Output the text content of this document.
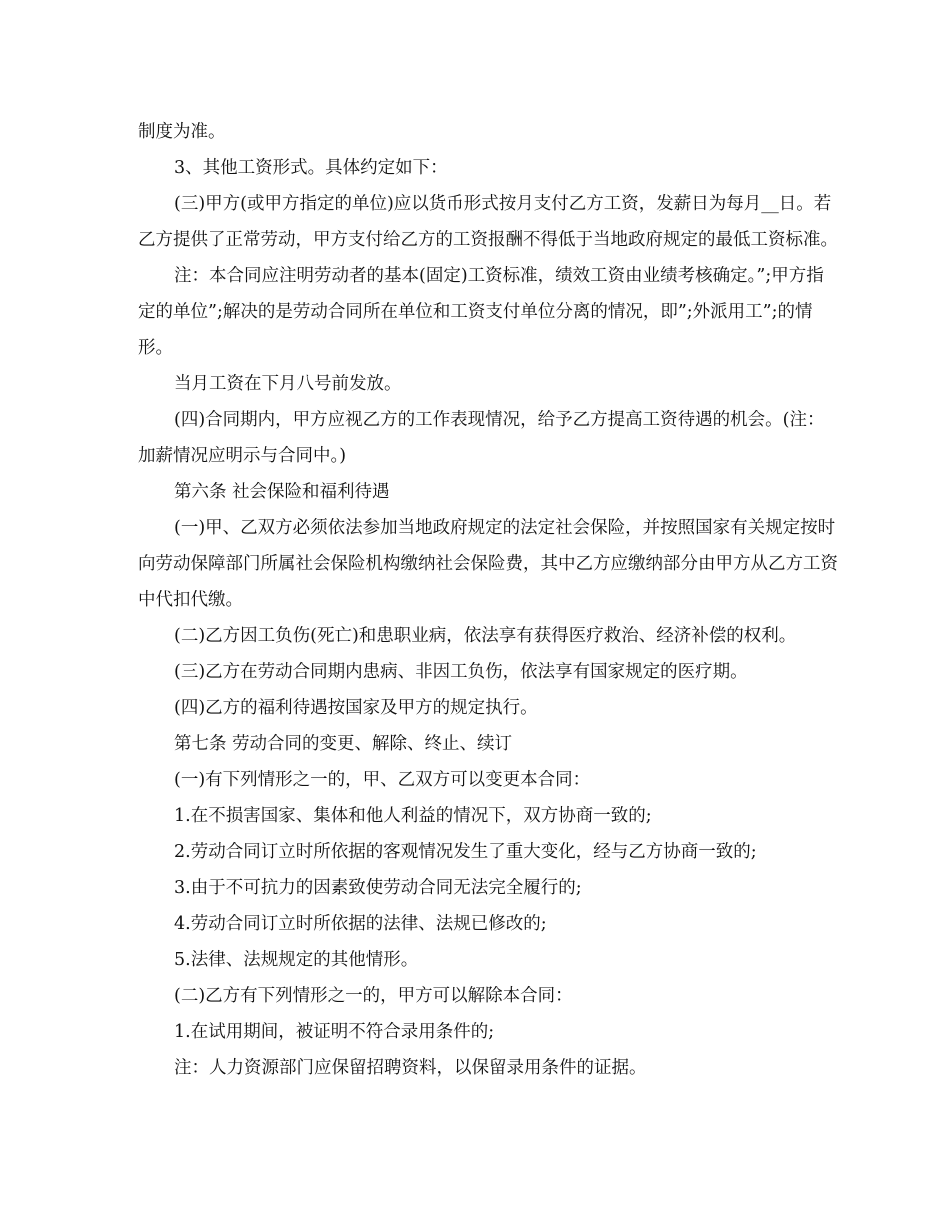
制度为准。

3、其他工资形式。具体约定如下：

(三)甲方(或甲方指定的单位)应以货币形式按月支付乙方工资，发薪日为每月__日。若乙方提供了正常劳动，甲方支付给乙方的工资报酬不得低于当地政府规定的最低工资标准。

注：本合同应注明劳动者的基本(固定)工资标准，绩效工资由业绩考核确定。”;甲方指定的单位”;解决的是劳动合同所在单位和工资支付单位分离的情况，即”;外派用工”;的情形。

当月工资在下月八号前发放。

(四)合同期内，甲方应视乙方的工作表现情况，给予乙方提高工资待遇的机会。(注：加薪情况应明示与合同中。)

第六条 社会保险和福利待遇

(一)甲、乙双方必须依法参加当地政府规定的法定社会保险，并按照国家有关规定按时向劳动保障部门所属社会保险机构缴纳社会保险费，其中乙方应缴纳部分由甲方从乙方工资中代扣代缴。

(二)乙方因工负伤(死亡)和患职业病，依法享有获得医疗救治、经济补偿的权利。

(三)乙方在劳动合同期内患病、非因工负伤，依法享有国家规定的医疗期。

(四)乙方的福利待遇按国家及甲方的规定执行。

第七条 劳动合同的变更、解除、终止、续订

(一)有下列情形之一的，甲、乙双方可以变更本合同：

1.在不损害国家、集体和他人利益的情况下，双方协商一致的;

2.劳动合同订立时所依据的客观情况发生了重大变化，经与乙方协商一致的;

3.由于不可抗力的因素致使劳动合同无法完全履行的;

4.劳动合同订立时所依据的法律、法规已修改的;

5.法律、法规规定的其他情形。

(二)乙方有下列情形之一的，甲方可以解除本合同：

1.在试用期间，被证明不符合录用条件的;

注：人力资源部门应保留招聘资料，以保留录用条件的证据。
